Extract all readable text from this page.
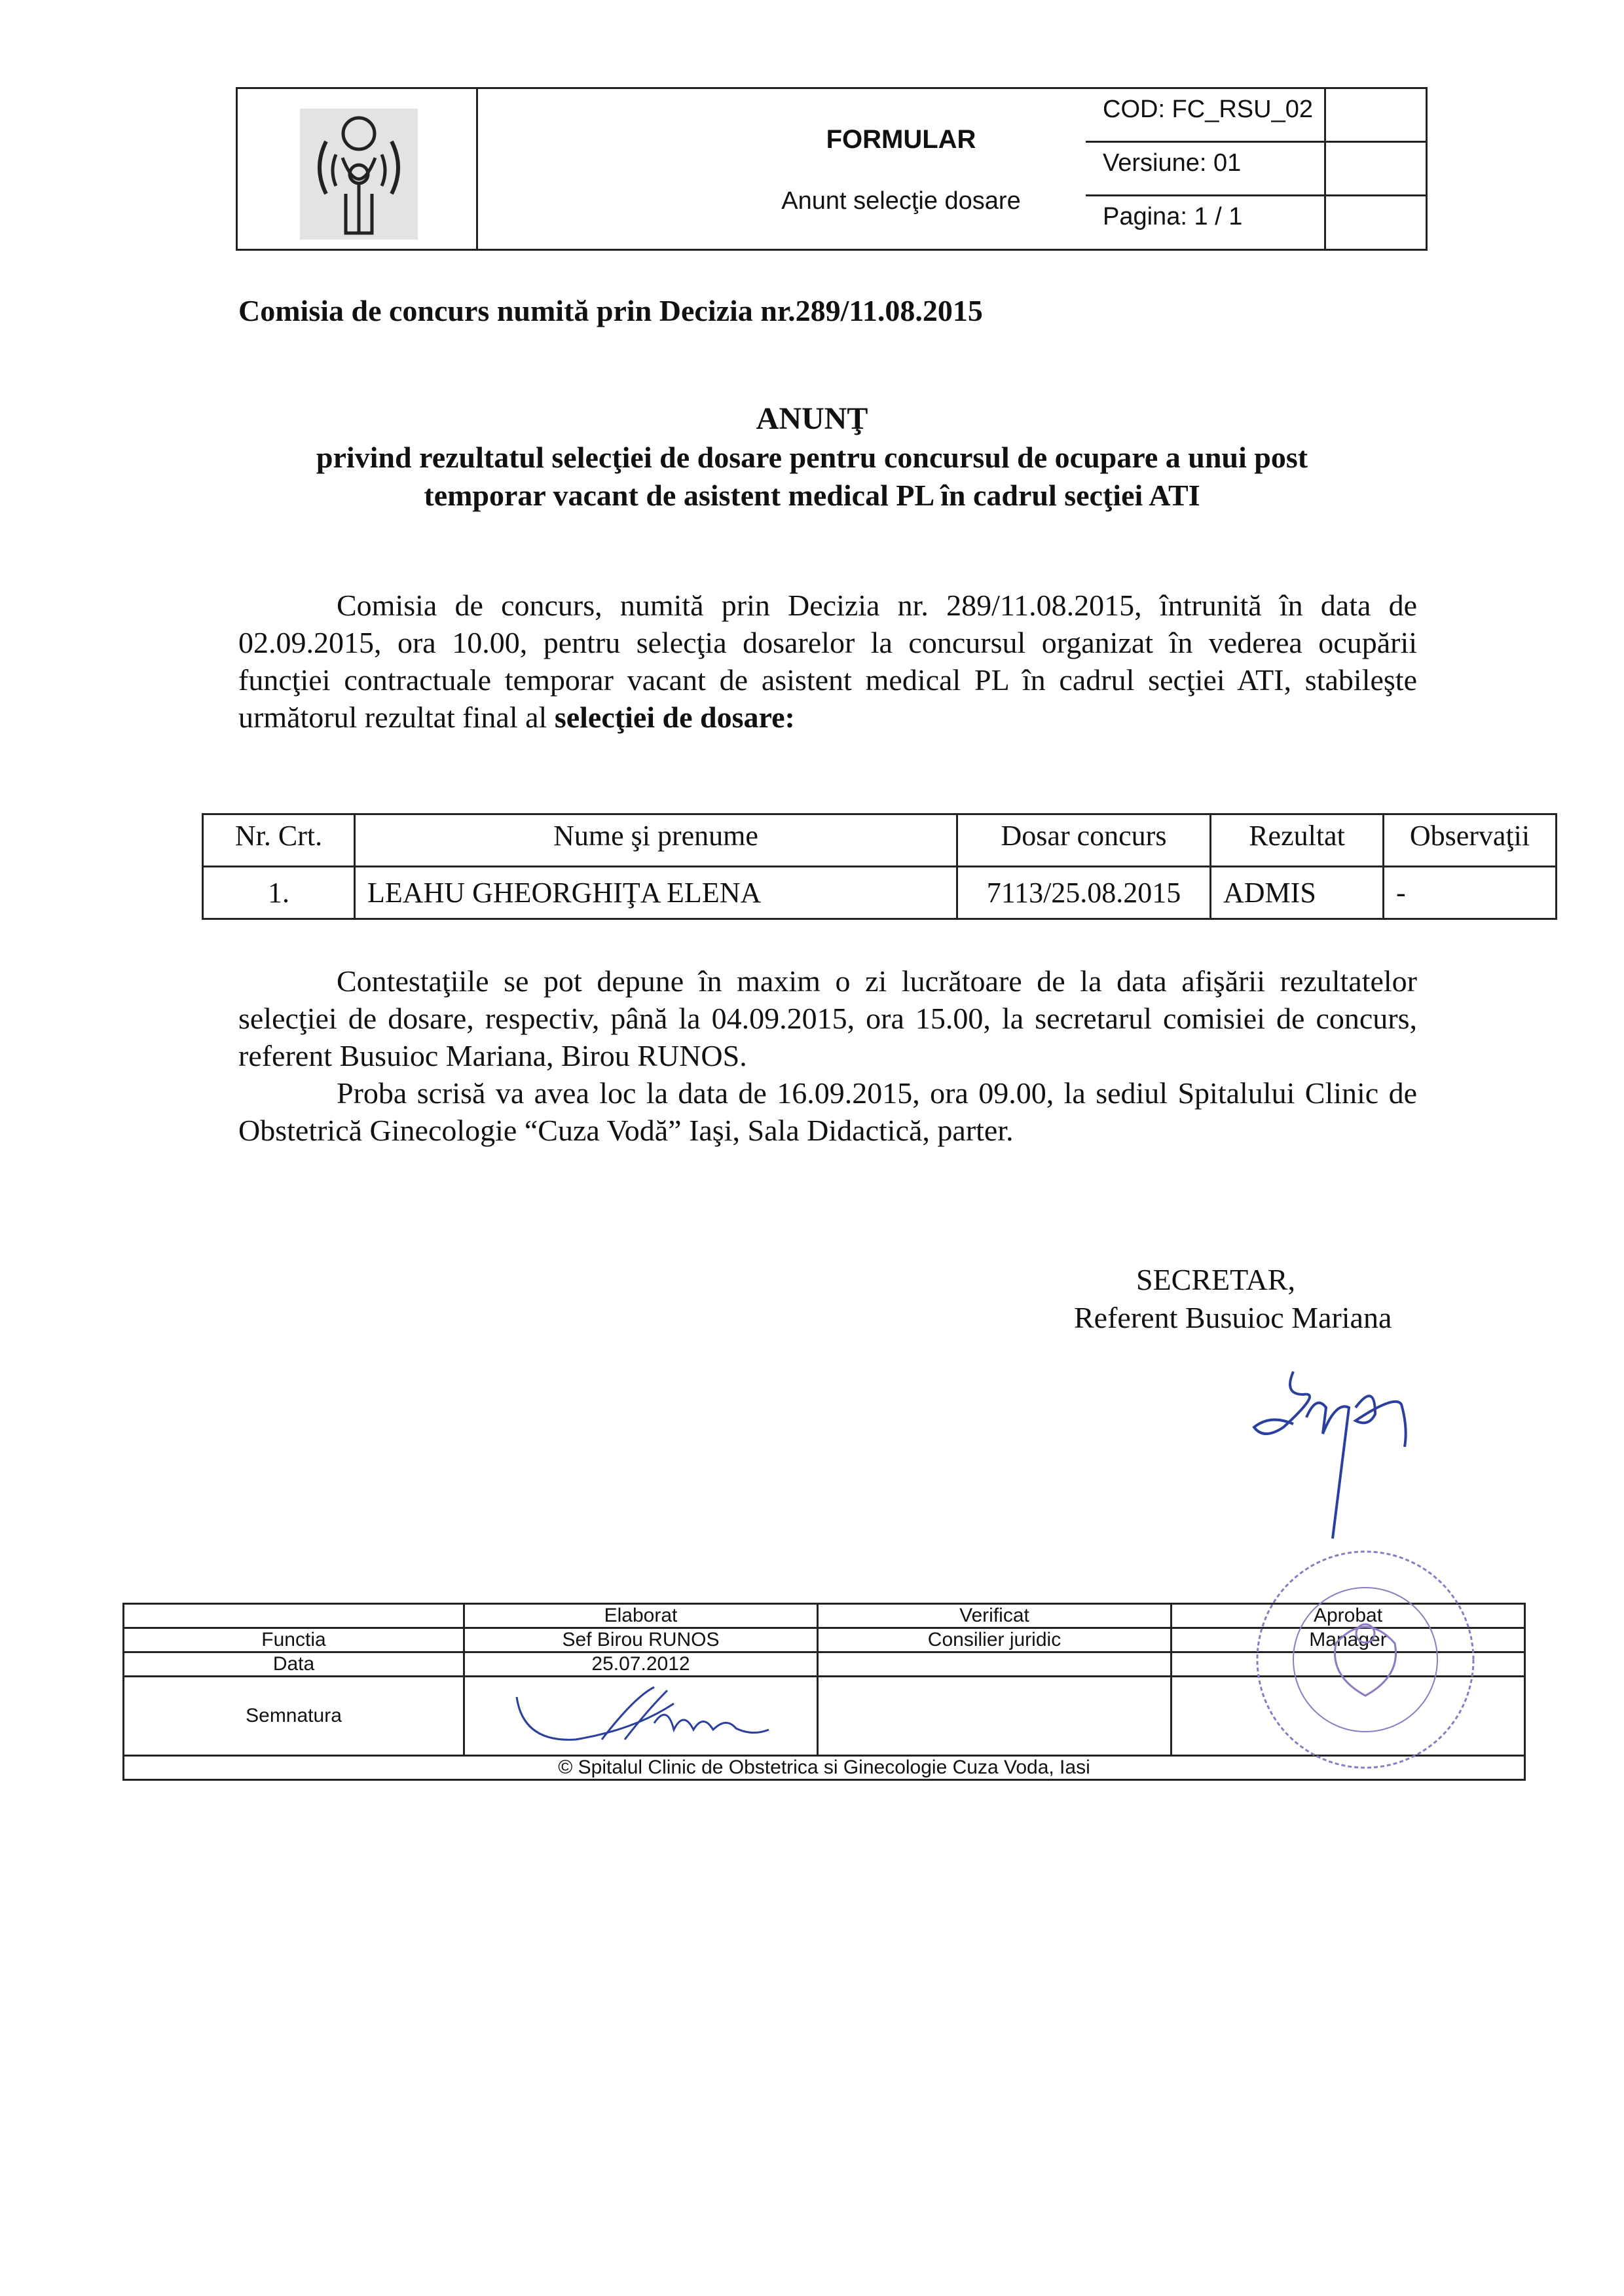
FORMULAR
Anunt selecţie dosare
COD: FC_RSU_02
Versiune: 01
Pagina: 1 / 1
Comisia de concurs numită prin Decizia nr.289/11.08.2015
ANUNŢ
privind rezultatul selecţiei de dosare pentru concursul de ocupare a unui post
temporar vacant de asistent medical PL în cadrul secţiei ATI
Comisia de concurs, numită prin Decizia nr. 289/11.08.2015, întrunită în data de 02.09.2015, ora 10.00, pentru selecţia dosarelor la concursul organizat în vederea ocupării funcţiei contractuale temporar vacant de asistent medical PL în cadrul secţiei ATI, stabileşte următorul rezultat final al selecţiei de dosare:
Nr. Crt.	Nume şi prenume	Dosar concurs	Rezultat	Observaţii
1.	LEAHU GHEORGHIŢA ELENA	7113/25.08.2015	ADMIS	-
Contestaţiile se pot depune în maxim o zi lucrătoare de la data afişării rezultatelor selecţiei de dosare, respectiv, până la 04.09.2015, ora 15.00, la secretarul comisiei de concurs, referent Busuioc Mariana, Birou RUNOS.
Proba scrisă va avea loc la data de 16.09.2015, ora 09.00, la sediul Spitalului Clinic de Obstetrică Ginecologie “Cuza Vodă” Iaşi, Sala Didactică, parter.
SECRETAR,
Referent Busuioc Mariana
	Elaborat	Verificat	Aprobat
Functia	Sef Birou RUNOS	Consilier juridic	Manager
Data	25.07.2012		
Semnatura			
© Spitalul Clinic de Obstetrica si Ginecologie Cuza Voda, Iasi			
